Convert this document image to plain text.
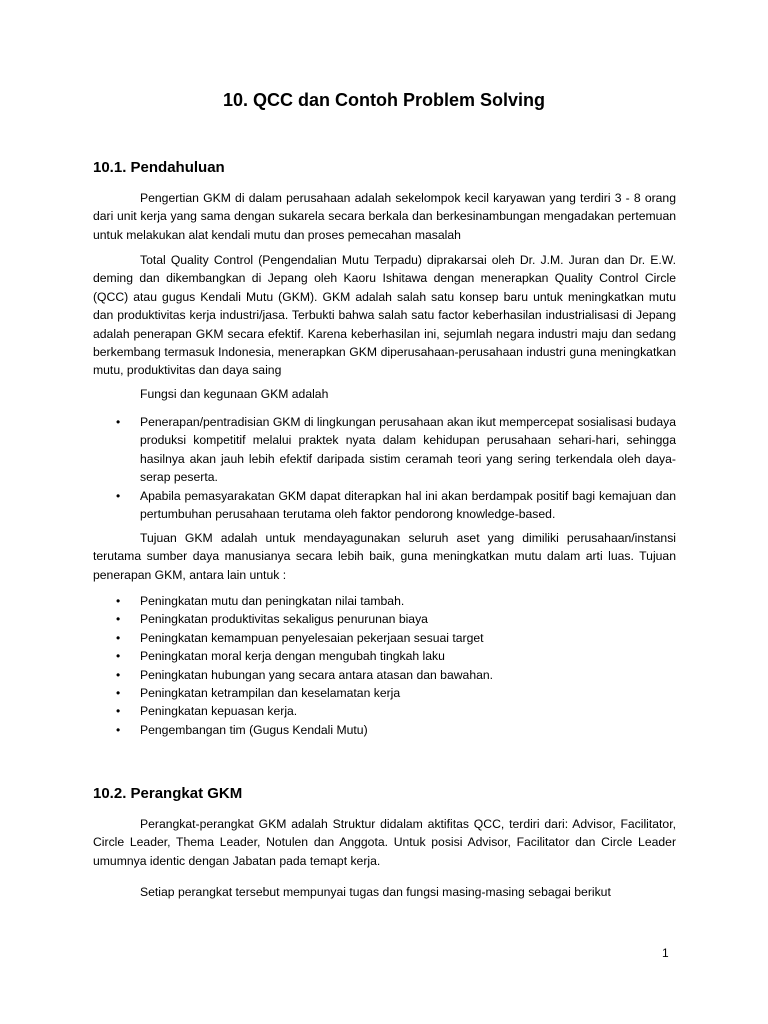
10. QCC dan Contoh Problem Solving
10.1. Pendahuluan
Pengertian GKM di dalam perusahaan adalah sekelompok kecil karyawan yang terdiri 3 - 8 orang dari unit kerja yang sama dengan sukarela secara berkala dan berkesinambungan mengadakan pertemuan untuk melakukan alat kendali mutu dan proses pemecahan masalah
Total Quality Control (Pengendalian Mutu Terpadu) diprakarsai oleh Dr. J.M. Juran dan Dr. E.W. deming dan dikembangkan di Jepang oleh Kaoru Ishitawa dengan menerapkan Quality Control Circle (QCC) atau gugus Kendali Mutu (GKM). GKM adalah salah satu konsep baru untuk meningkatkan mutu dan produktivitas kerja industri/jasa. Terbukti bahwa salah satu factor keberhasilan industrialisasi di Jepang adalah penerapan GKM secara efektif. Karena keberhasilan ini, sejumlah negara industri maju dan sedang berkembang termasuk Indonesia, menerapkan GKM diperusahaan-perusahaan industri guna meningkatkan mutu, produktivitas dan daya saing
Fungsi dan kegunaan GKM adalah
• Penerapan/pentradisian GKM di lingkungan perusahaan akan ikut mempercepat sosialisasi budaya produksi kompetitif melalui praktek nyata dalam kehidupan perusahaan sehari-hari, sehingga hasilnya akan jauh lebih efektif daripada sistim ceramah teori yang sering terkendala oleh daya-serap peserta.
• Apabila pemasyarakatan GKM dapat diterapkan hal ini akan berdampak positif bagi kemajuan dan pertumbuhan perusahaan terutama oleh faktor pendorong knowledge-based.
Tujuan GKM adalah untuk mendayagunakan seluruh aset yang dimiliki perusahaan/instansi terutama sumber daya manusianya secara lebih baik, guna meningkatkan mutu dalam arti luas. Tujuan penerapan GKM, antara lain untuk :
• Peningkatan mutu dan peningkatan nilai tambah.
• Peningkatan produktivitas sekaligus penurunan biaya
• Peningkatan kemampuan penyelesaian pekerjaan sesuai target
• Peningkatan moral kerja dengan mengubah tingkah laku
• Peningkatan hubungan yang secara antara atasan dan bawahan.
• Peningkatan ketrampilan dan keselamatan kerja
• Peningkatan kepuasan kerja.
• Pengembangan tim (Gugus Kendali Mutu)
10.2. Perangkat GKM
Perangkat-perangkat GKM adalah Struktur didalam aktifitas QCC, terdiri dari: Advisor, Facilitator, Circle Leader, Thema Leader, Notulen dan Anggota. Untuk posisi Advisor, Facilitator dan Circle Leader umumnya identic dengan Jabatan pada temapt kerja.
Setiap perangkat tersebut mempunyai tugas dan fungsi masing-masing sebagai berikut
1
